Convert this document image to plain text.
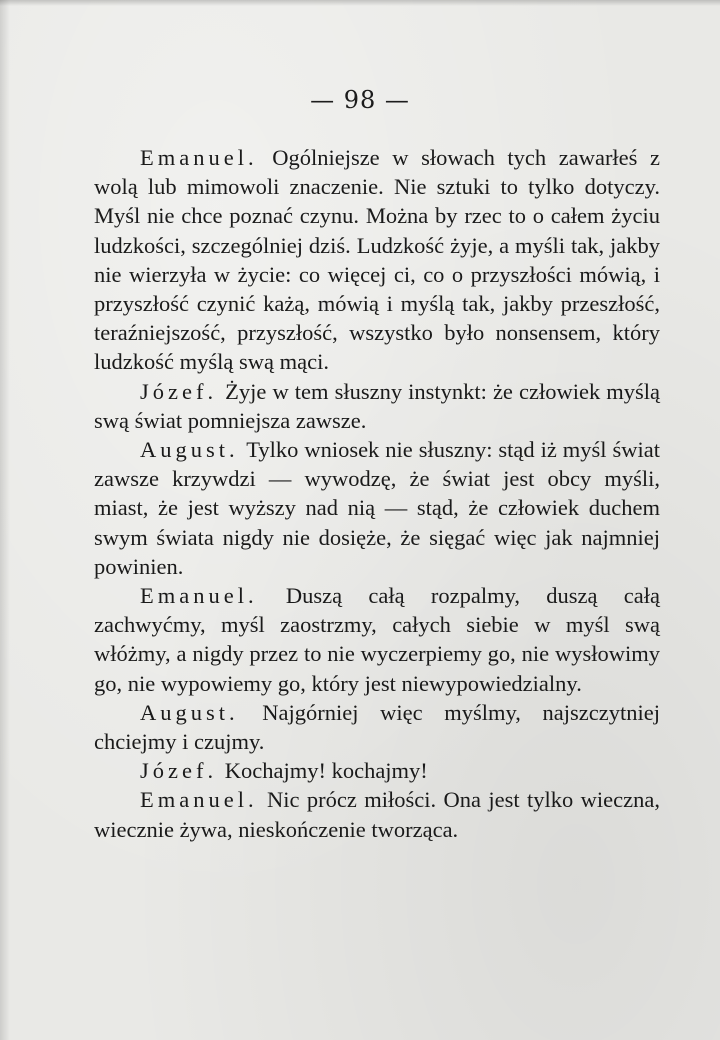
— 98 —

Emanuel. Ogólniejsze w słowach tych zawarłeś z wolą lub mimowoli znaczenie. Nie sztuki to tylko dotyczy. Myśl nie chce poznać czynu. Można by rzec to o całem życiu ludzkości, szczególniej dziś. Ludzkość żyje, a myśli tak, jakby nie wierzyła w życie: co więcej ci, co o przyszłości mówią, i przyszłość czynić każą, mówią i myślą tak, jakby przeszłość, teraźniejszość, przyszłość, wszystko było nonsensem, który ludzkość myślą swą mąci.

Józef. Żyje w tem słuszny instynkt: że człowiek myślą swą świat pomniejsza zawsze.

August. Tylko wniosek nie słuszny: stąd iż myśl świat zawsze krzywdzi — wywodzę, że świat jest obcy myśli, miast, że jest wyższy nad nią — stąd, że człowiek duchem swym świata nigdy nie dosięże, że sięgać więc jak najmniej powinien.

Emanuel. Duszą całą rozpalmy, duszą całą zachwyćmy, myśl zaostrzmy, całych siebie w myśl swą włóżmy, a nigdy przez to nie wyczerpiemy go, nie wysłowimy go, nie wypowiemy go, który jest niewypowiedzialny.

August. Najgórniej więc myślmy, najszczytniej chciejmy i czujmy.

Józef. Kochajmy! kochajmy!

Emanuel. Nic prócz miłości. Ona jest tylko wieczna, wiecznie żywa, nieskończenie tworząca.
